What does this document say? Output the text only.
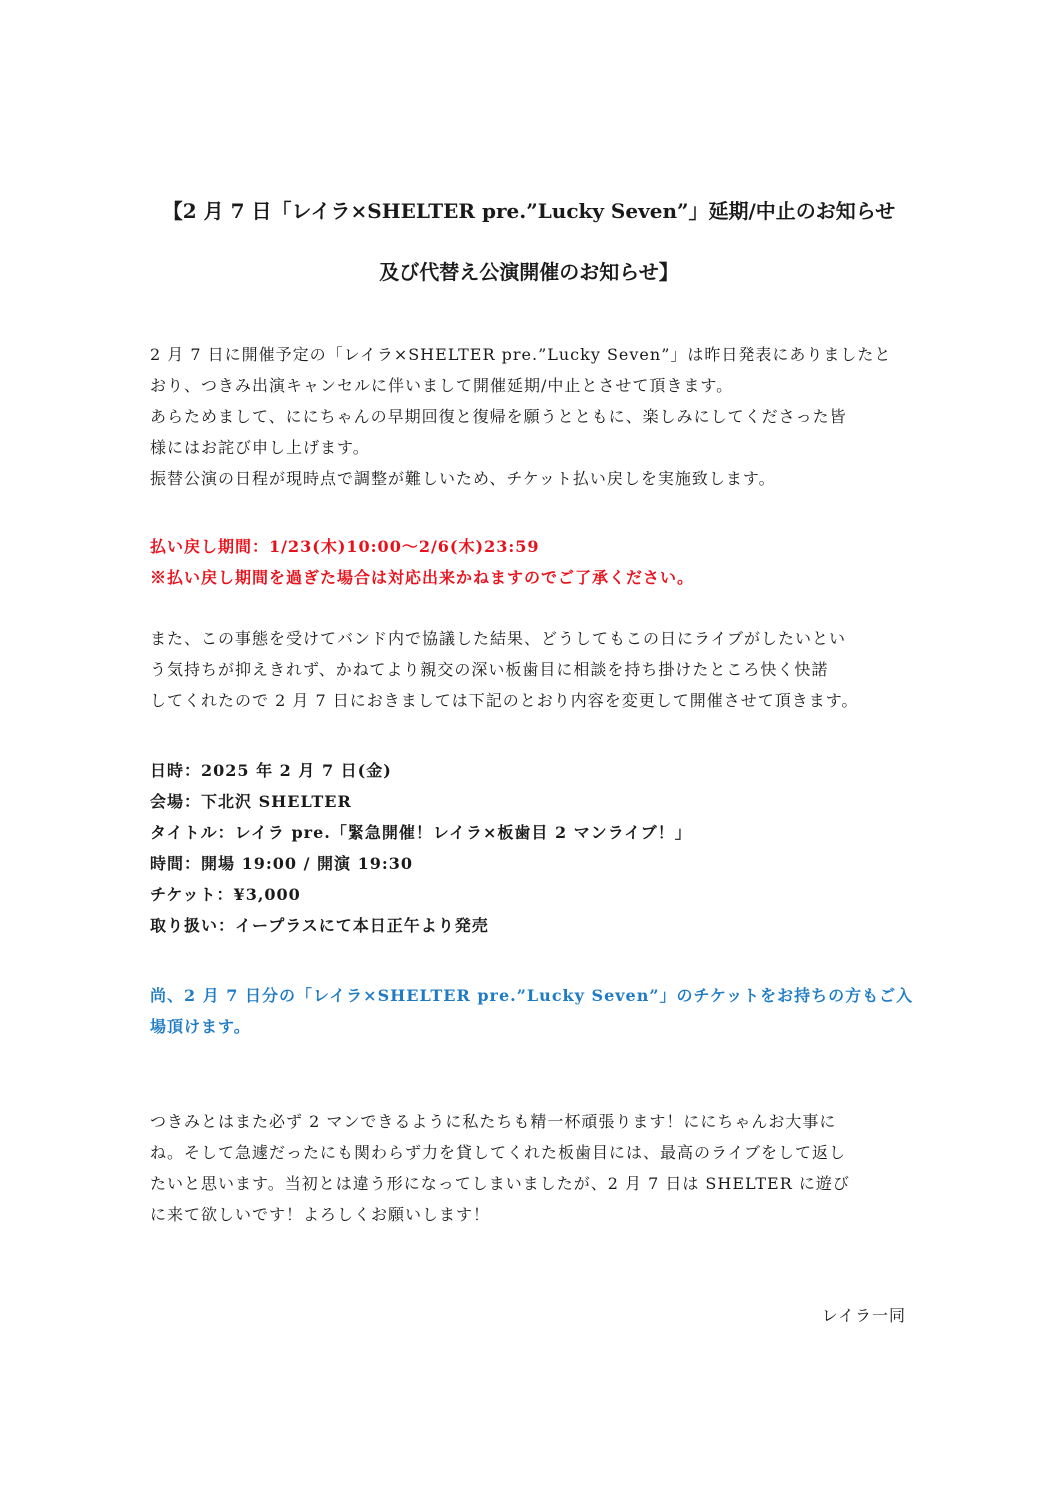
【2 月 7 日「レイラ×SHELTER pre.”Lucky Seven”」延期/中止のお知らせ
及び代替え公演開催のお知らせ】
2 月 7 日に開催予定の「レイラ×SHELTER pre.”Lucky Seven”」は昨日発表にありましたと
おり、つきみ出演キャンセルに伴いまして開催延期/中止とさせて頂きます。
あらためまして、ににちゃんの早期回復と復帰を願うとともに、楽しみにしてくださった皆
様にはお詫び申し上げます。
振替公演の日程が現時点で調整が難しいため、チケット払い戻しを実施致します。
払い戻し期間：1/23(木)10:00～2/6(木)23:59
※払い戻し期間を過ぎた場合は対応出来かねますのでご了承ください。
また、この事態を受けてバンド内で協議した結果、どうしてもこの日にライブがしたいとい
う気持ちが抑えきれず、かねてより親交の深い板歯目に相談を持ち掛けたところ快く快諾
してくれたので 2 月 7 日におきましては下記のとおり内容を変更して開催させて頂きます。
日時：2025 年 2 月 7 日(金)
会場：下北沢 SHELTER
タイトル：レイラ pre.「緊急開催！レイラ×板歯目 2 マンライブ！」
時間：開場 19:00 / 開演 19:30
チケット：¥3,000
取り扱い：イープラスにて本日正午より発売
尚、2 月 7 日分の「レイラ×SHELTER pre.”Lucky Seven”」のチケットをお持ちの方もご入
場頂けます。
つきみとはまた必ず 2 マンできるように私たちも精一杯頑張ります！ににちゃんお大事に
ね。そして急遽だったにも関わらず力を貸してくれた板歯目には、最高のライブをして返し
たいと思います。当初とは違う形になってしまいましたが、2 月 7 日は SHELTER に遊び
に来て欲しいです！よろしくお願いします！
レイラ一同
